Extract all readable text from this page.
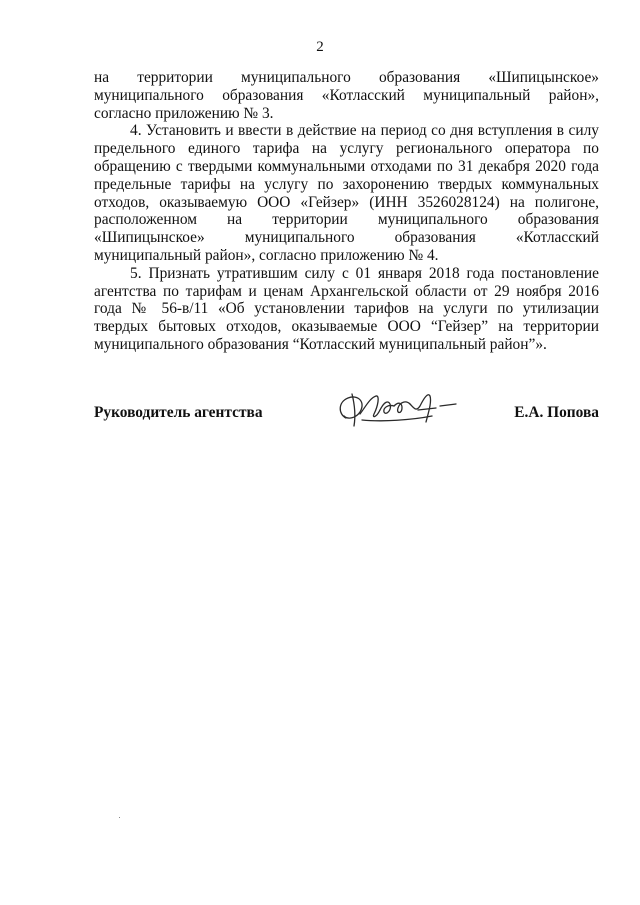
2

на территории муниципального образования «Шипицынское» муниципального образования «Котласский муниципальный район», согласно приложению № 3.

4. Установить и ввести в действие на период со дня вступления в силу предельного единого тарифа на услугу регионального оператора по обращению с твердыми коммунальными отходами по 31 декабря 2020 года предельные тарифы на услугу по захоронению твердых коммунальных отходов, оказываемую ООО «Гейзер» (ИНН 3526028124) на полигоне, расположенном на территории муниципального образования «Шипицынское» муниципального образования «Котласский муниципальный район», согласно приложению № 4.

5. Признать утратившим силу с 01 января 2018 года постановление агентства по тарифам и ценам Архангельской области от 29 ноября 2016 года № 56-в/11 «Об установлении тарифов на услуги по утилизации твердых бытовых отходов, оказываемые ООО “Гейзер” на территории муниципального образования “Котласский муниципальный район”».

Руководитель агентства	Е.А. Попова
